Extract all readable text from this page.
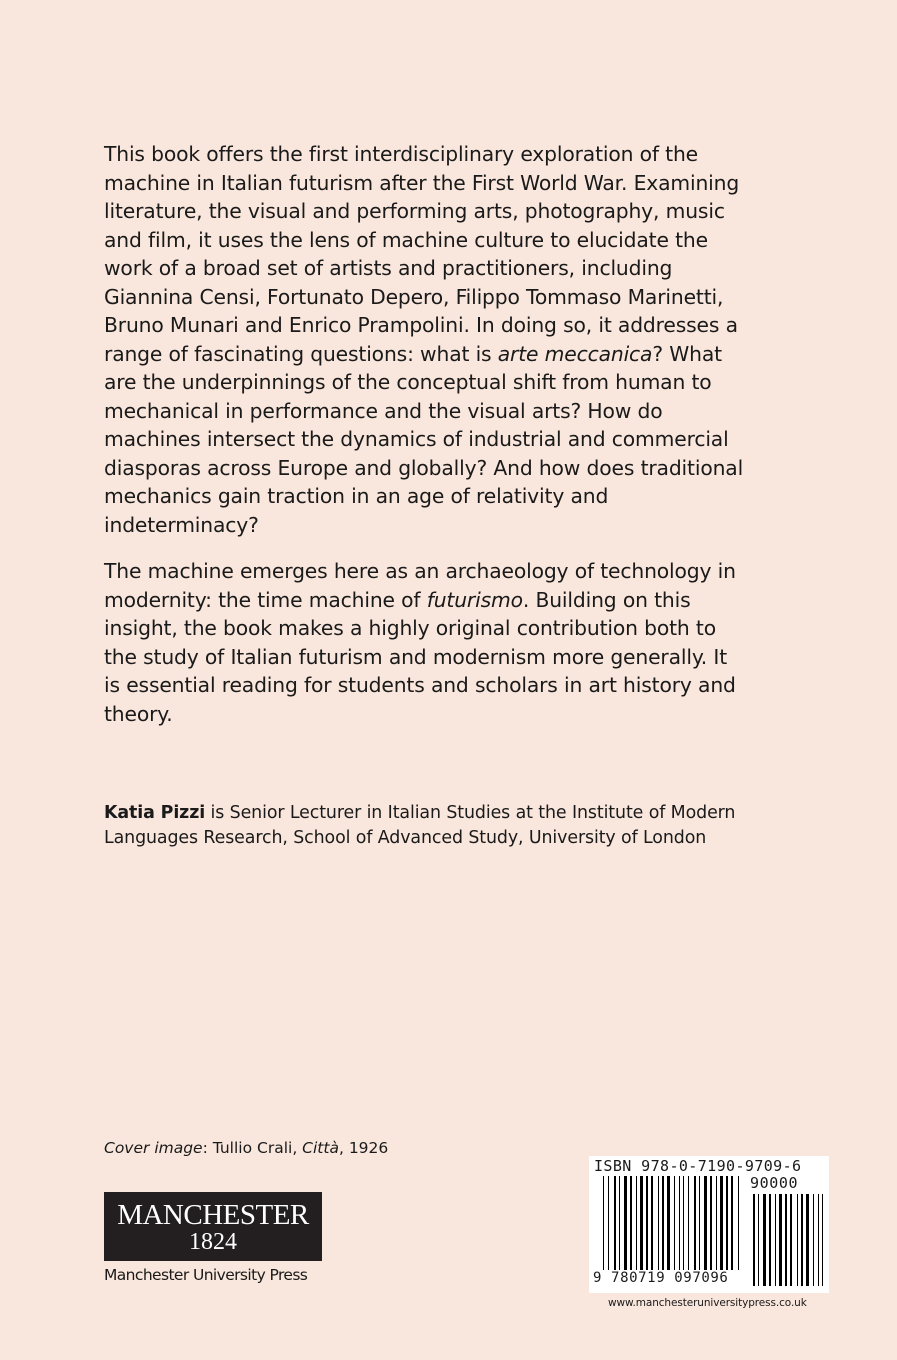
This book offers the first interdisciplinary exploration of the machine in Italian futurism after the First World War. Examining literature, the visual and performing arts, photography, music and film, it uses the lens of machine culture to elucidate the work of a broad set of artists and practitioners, including Giannina Censi, Fortunato Depero, Filippo Tommaso Marinetti, Bruno Munari and Enrico Prampolini. In doing so, it addresses a range of fascinating questions: what is arte meccanica? What are the underpinnings of the conceptual shift from human to mechanical in performance and the visual arts? How do machines intersect the dynamics of industrial and commercial diasporas across Europe and globally? And how does traditional mechanics gain traction in an age of relativity and indeterminacy?

The machine emerges here as an archaeology of technology in modernity: the time machine of futurismo. Building on this insight, the book makes a highly original contribution both to the study of Italian futurism and modernism more generally. It is essential reading for students and scholars in art history and theory.

Katia Pizzi is Senior Lecturer in Italian Studies at the Institute of Modern Languages Research, School of Advanced Study, University of London
Cover image: Tullio Crali, Città, 1926
MANCHESTER
1824
Manchester University Press
ISBN 978-0-7190-9709-6
90000
9 780719 097096
www.manchesteruniversitypress.co.uk
